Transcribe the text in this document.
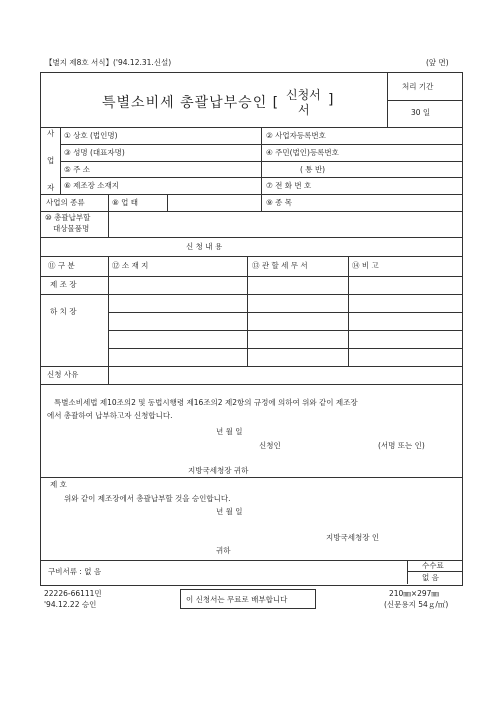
【별지 제8호 서식】('94.12.31.신설)	(앞 면)
특별소비세 총괄납부승인 [ 신청서
서
]
처리 기간
30 일
사
업
자
① 상호 (법인명)	② 사업자등록번호
③ 성명 (대표자명)	④ 주민(법인)등록번호
⑤ 주 소	( 통 반)
⑥ 제조장 소재지	⑦ 전 화 번 호
사업의 종류	⑧ 업 태	⑨ 종 목
⑩ 총괄납부할
대상물품명
신 청 내 용
⑪ 구 분	⑫ 소 재 지	⑬ 관 할 세 무 서	⑭ 비 고
제 조 장
하 치 장
신청 사유
특별소비세법 제10조의2 및 동법시행령 제16조의2 제2항의 규정에 의하여 위와 같이 제조장
에서 총괄하여 납부하고자 신청합니다.
년 월 일
신청인	(서명 또는 인)
지방국세청장 귀하
제 호
위와 같이 제조장에서 총괄납부할 것을 승인합니다.
년 월 일
지방국세청장 인
귀하
구비서류 : 없 음
수수료
없 음
22226-66111민
'94.12.22 승인
이 신청서는 무료로 배부합니다
210㎜×297㎜
(신문용지 54ｇ/㎡)
